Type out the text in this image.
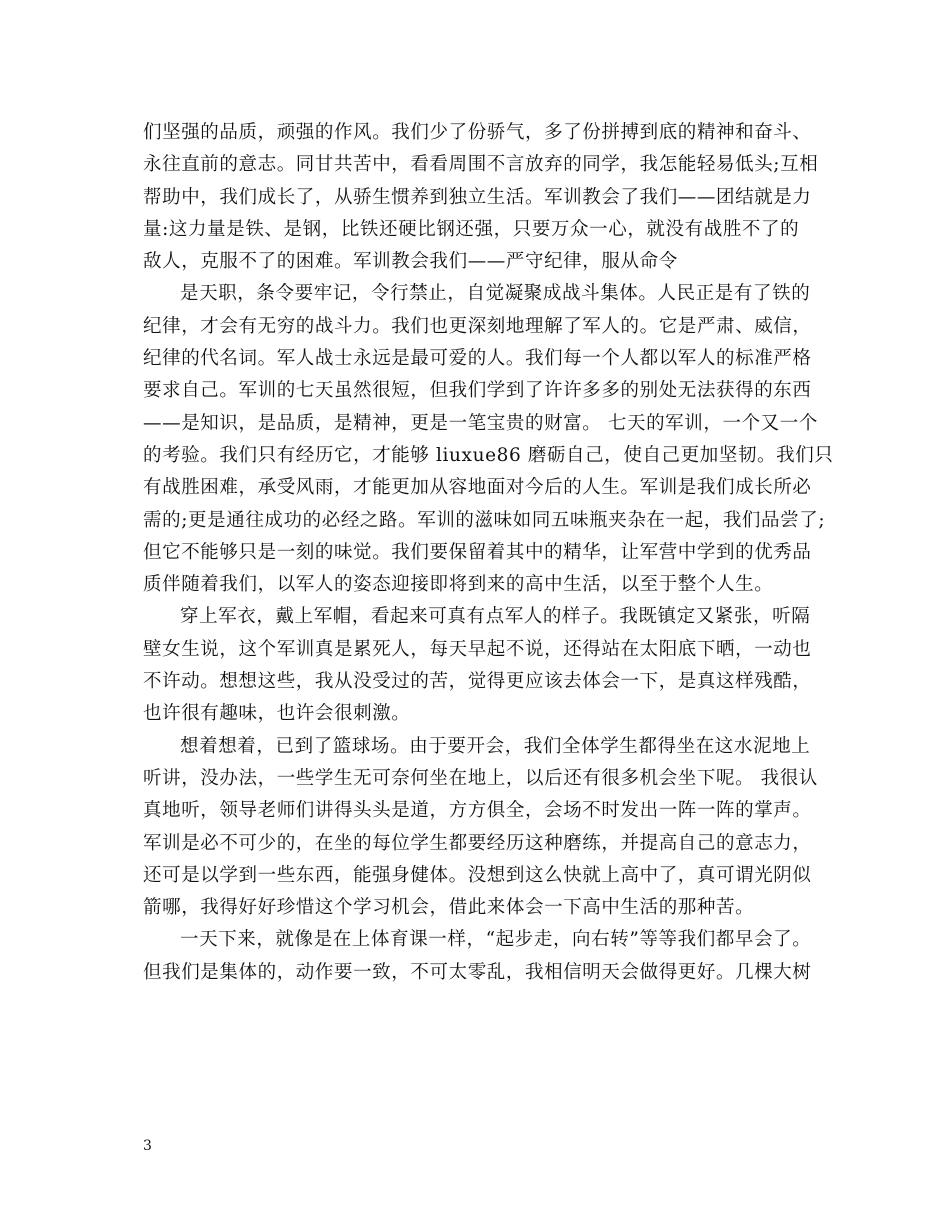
们坚强的品质，顽强的作风。我们少了份骄气，多了份拼搏到底的精神和奋斗、
永往直前的意志。同甘共苦中，看看周围不言放弃的同学，我怎能轻易低头;互相
帮助中，我们成长了，从骄生惯养到独立生活。军训教会了我们——团结就是力
量:这力量是铁、是钢，比铁还硬比钢还强，只要万众一心，就没有战胜不了的
敌人，克服不了的困难。军训教会我们——严守纪律，服从命令
是天职，条令要牢记，令行禁止，自觉凝聚成战斗集体。人民正是有了铁的
纪律，才会有无穷的战斗力。我们也更深刻地理解了军人的。它是严肃、威信，
纪律的代名词。军人战士永远是最可爱的人。我们每一个人都以军人的标准严格
要求自己。军训的七天虽然很短，但我们学到了许许多多的别处无法获得的东西
——是知识，是品质，是精神，更是一笔宝贵的财富。 七天的军训，一个又一个
的考验。我们只有经历它，才能够 liuxue86 磨砺自己，使自己更加坚韧。我们只
有战胜困难，承受风雨，才能更加从容地面对今后的人生。军训是我们成长所必
需的;更是通往成功的必经之路。军训的滋味如同五味瓶夹杂在一起，我们品尝了;
但它不能够只是一刻的味觉。我们要保留着其中的精华，让军营中学到的优秀品
质伴随着我们，以军人的姿态迎接即将到来的高中生活，以至于整个人生。
穿上军衣，戴上军帽，看起来可真有点军人的样子。我既镇定又紧张，听隔
壁女生说，这个军训真是累死人，每天早起不说，还得站在太阳底下晒，一动也
不许动。想想这些，我从没受过的苦，觉得更应该去体会一下，是真这样残酷，
也许很有趣味，也许会很刺激。
想着想着，已到了篮球场。由于要开会，我们全体学生都得坐在这水泥地上
听讲，没办法，一些学生无可奈何坐在地上，以后还有很多机会坐下呢。 我很认
真地听，领导老师们讲得头头是道，方方俱全，会场不时发出一阵一阵的掌声。
军训是必不可少的，在坐的每位学生都要经历这种磨练，并提高自己的意志力，
还可是以学到一些东西，能强身健体。没想到这么快就上高中了，真可谓光阴似
箭哪，我得好好珍惜这个学习机会，借此来体会一下高中生活的那种苦。
一天下来，就像是在上体育课一样，“起步走，向右转”等等我们都早会了。
但我们是集体的，动作要一致，不可太零乱，我相信明天会做得更好。几棵大树
3
